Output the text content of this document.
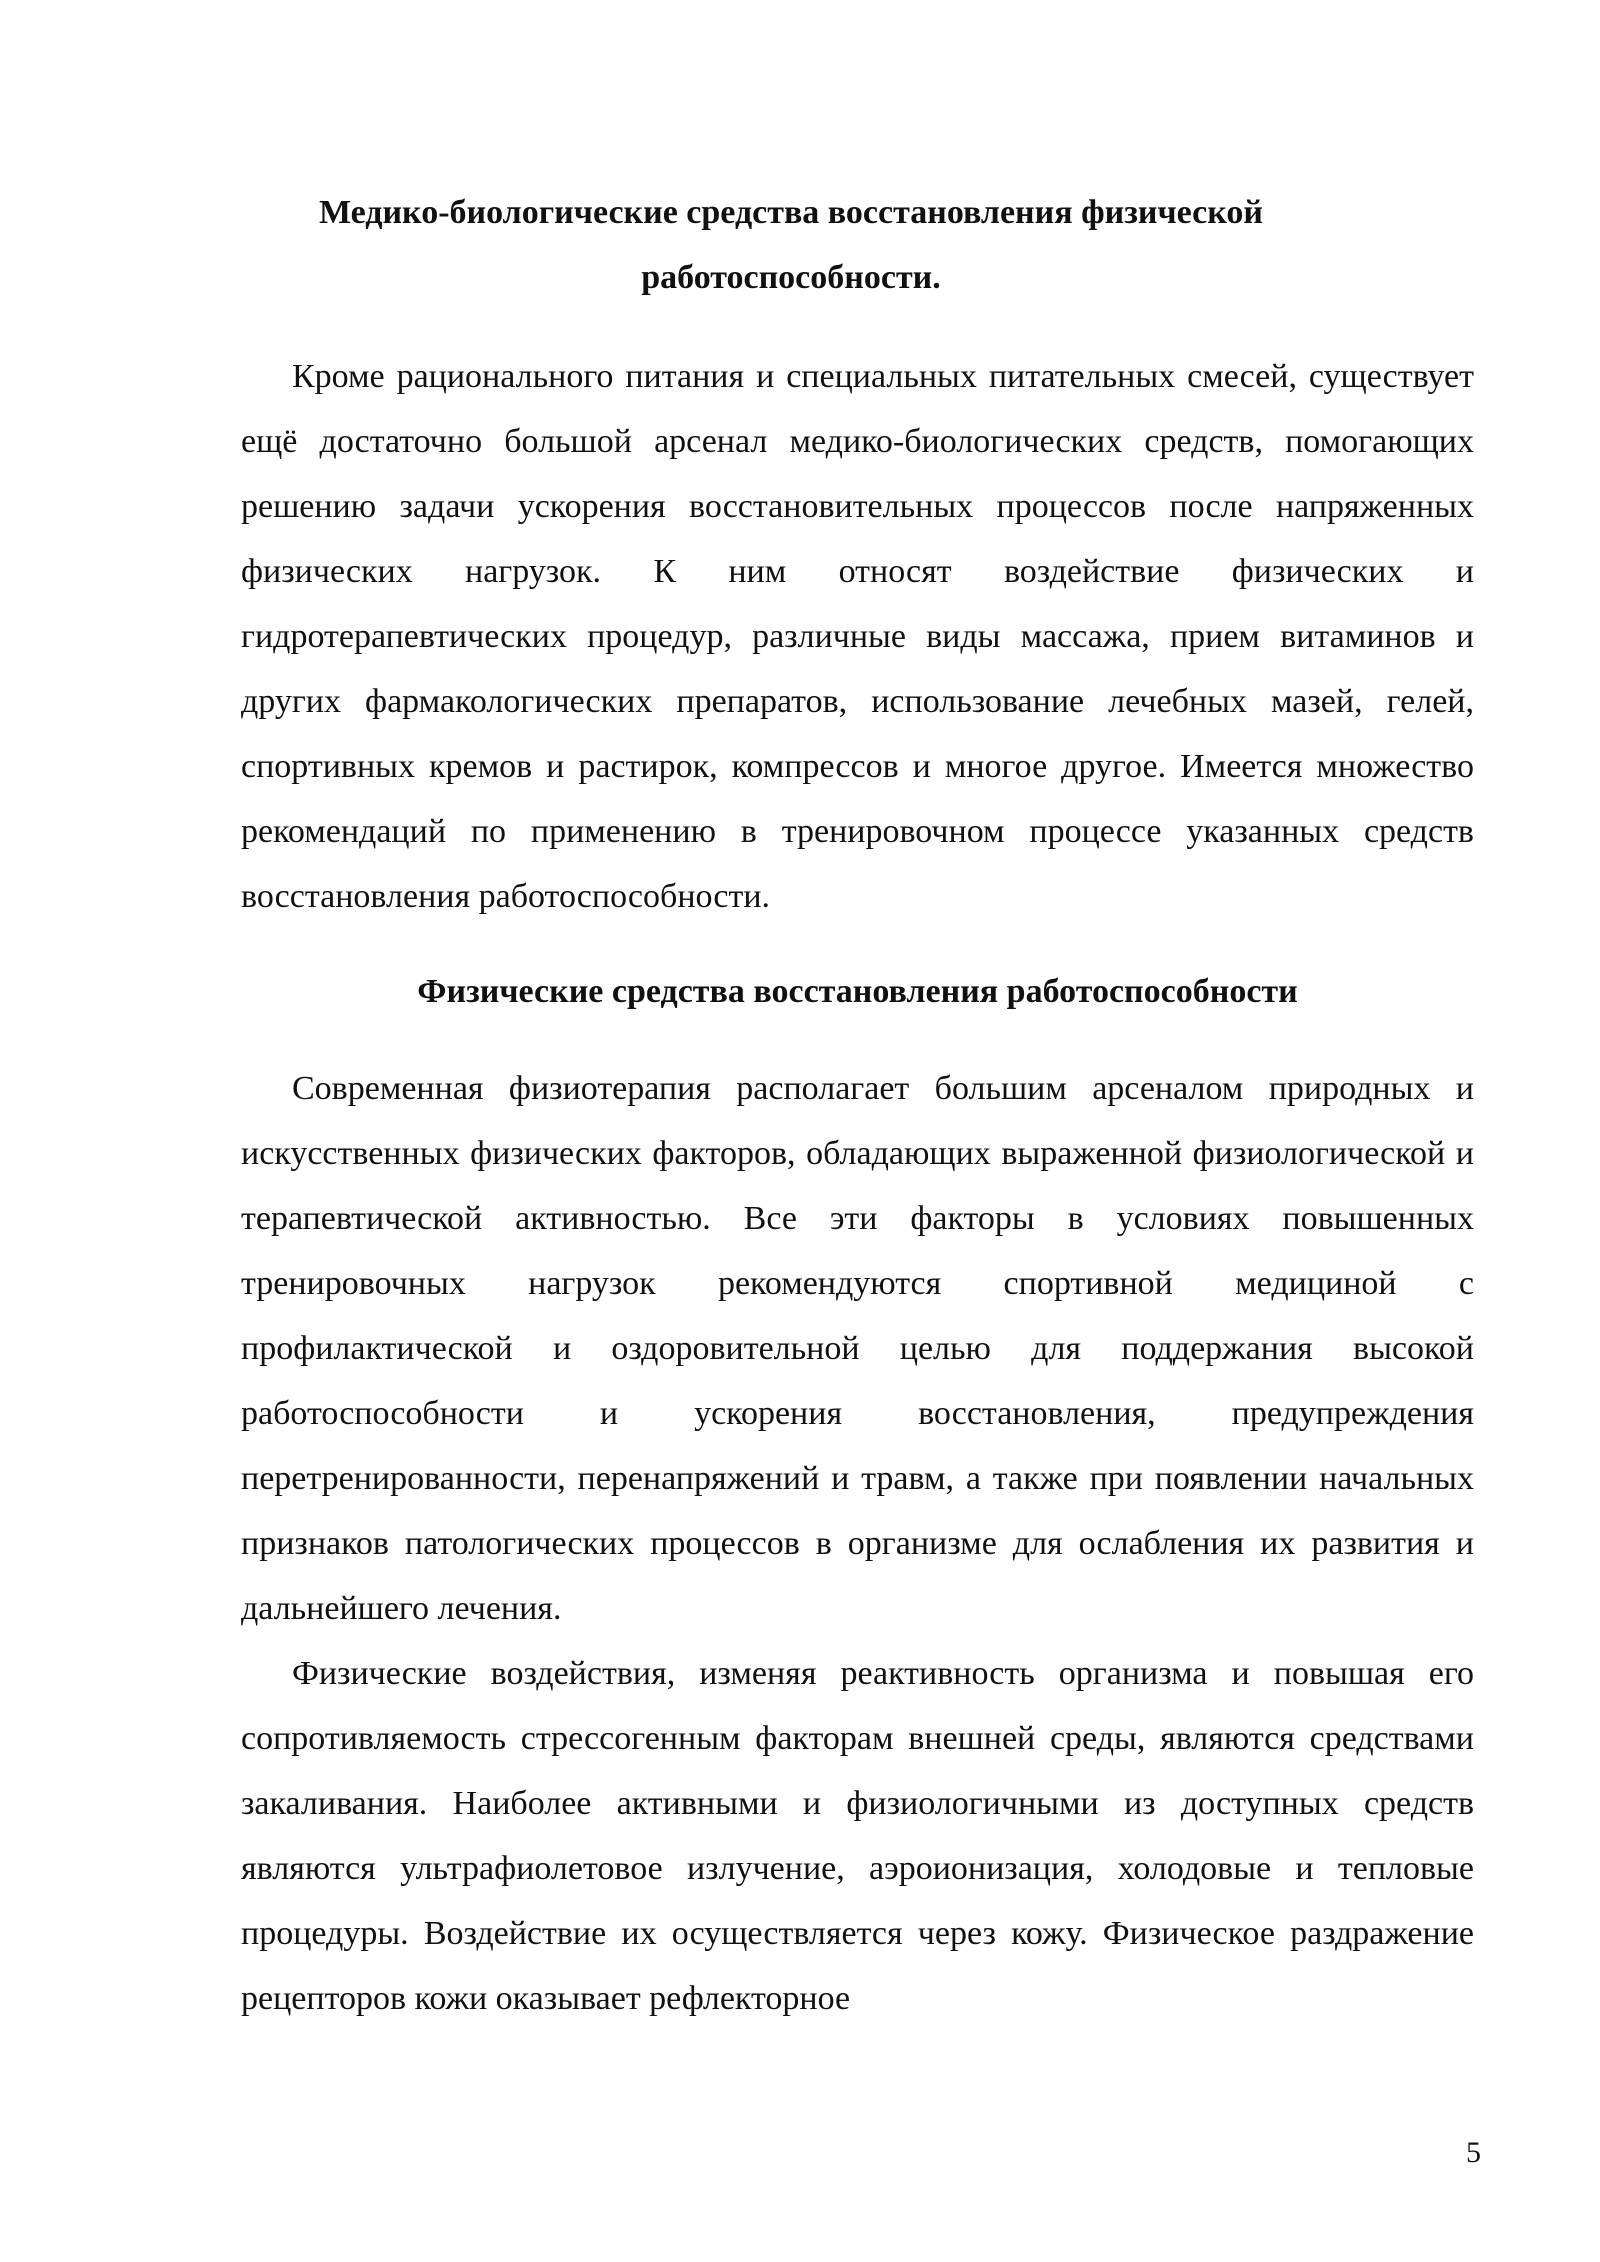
Медико-биологические средства восстановления физической работоспособности.

Кроме рационального питания и специальных питательных смесей, существует ещё достаточно большой арсенал медико-биологических средств, помогающих решению задачи ускорения восстановительных процессов после напряженных физических нагрузок. К ним относят воздействие физических и гидротерапевтических процедур, различные виды массажа, прием витаминов и других фармакологических препаратов, использование лечебных мазей, гелей, спортивных кремов и растирок, компрессов и многое другое. Имеется множество рекомендаций по применению в тренировочном процессе указанных средств восстановления работоспособности.

Физические средства восстановления работоспособности

Современная физиотерапия располагает большим арсеналом природных и искусственных физических факторов, обладающих выраженной физиологической и терапевтической активностью. Все эти факторы в условиях повышенных тренировочных нагрузок рекомендуются спортивной медициной с профилактической и оздоровительной целью для поддержания высокой работоспособности и ускорения восстановления, предупреждения перетренированности, перенапряжений и травм, а также при появлении начальных признаков патологических процессов в организме для ослабления их развития и дальнейшего лечения.

Физические воздействия, изменяя реактивность организма и повышая его сопротивляемость стрессогенным факторам внешней среды, являются средствами закаливания. Наиболее активными и физиологичными из доступных средств являются ультрафиолетовое излучение, аэроионизация, холодовые и тепловые процедуры. Воздействие их осуществляется через кожу. Физическое раздражение рецепторов кожи оказывает рефлекторное

5
